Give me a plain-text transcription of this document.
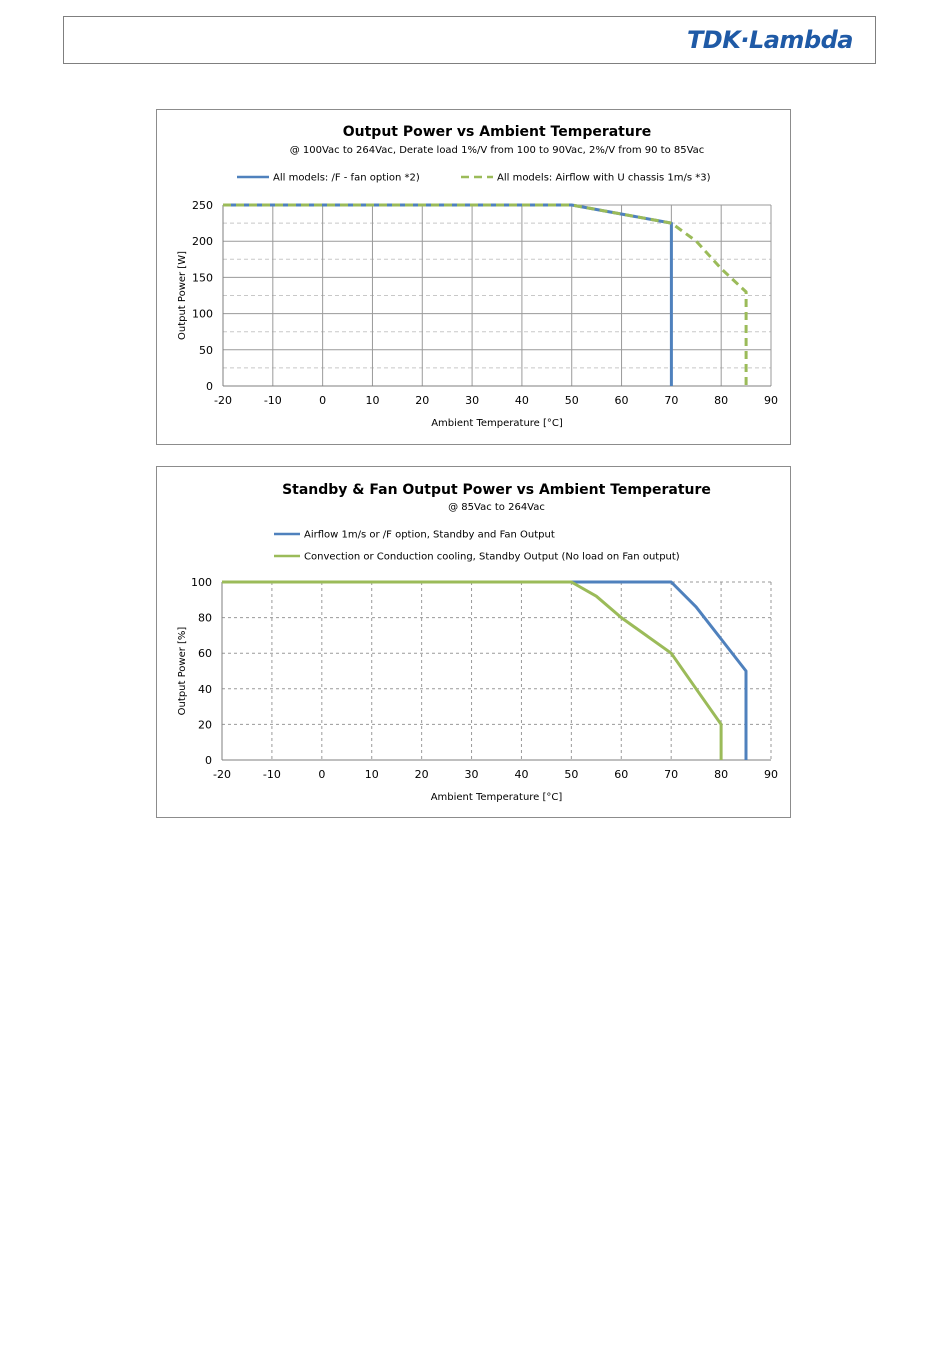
TDK·Lambda
Output Power vs Ambient Temperature
@ 100Vac to 264Vac, Derate load 1%/V from 100 to 90Vac, 2%/V from 90 to 85Vac
All models: /F - fan option *2)	All models: Airflow with U chassis 1m/s *3)
-20	-10	0	10	20	30	40	50	60	70	80	90
0
50
100
150
200
250
Ambient Temperature [°C]
Output Power [W]
Standby & Fan Output Power vs Ambient Temperature
@ 85Vac to 264Vac
Airflow 1m/s or /F option, Standby and Fan Output
Convection or Conduction cooling, Standby Output (No load on Fan output)
-20	-10	0	10	20	30	40	50	60	70	80	90
0
20
40
60
80
100
Ambient Temperature [°C]
Output Power [%]
